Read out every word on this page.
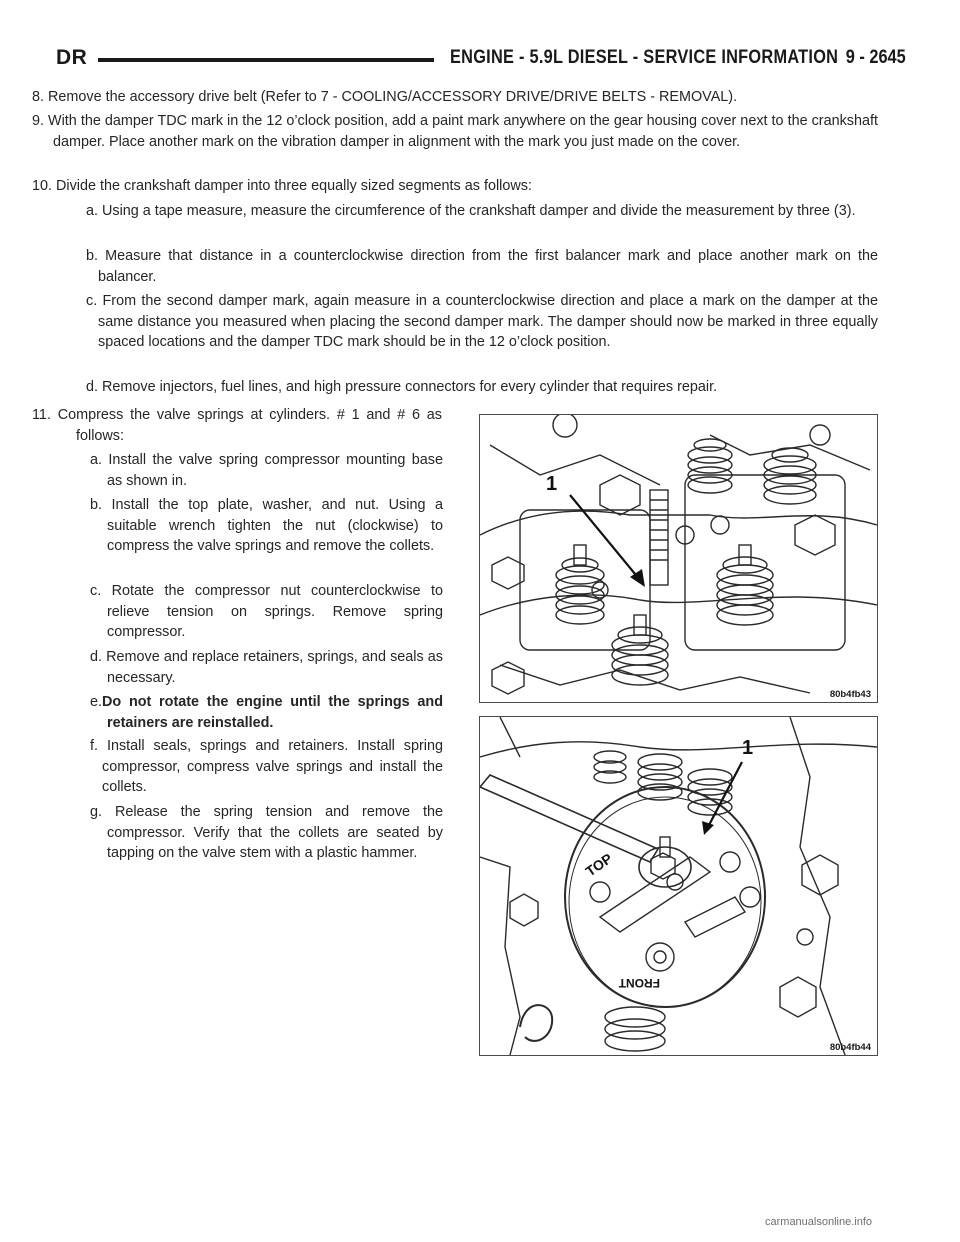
DR	ENGINE - 5.9L DIESEL - SERVICE INFORMATION 9 - 2645
8. Remove the accessory drive belt (Refer to 7 - COOLING/ACCESSORY DRIVE/DRIVE BELTS - REMOVAL).
9. With the damper TDC mark in the 12 o’clock position, add a paint mark anywhere on the gear housing cover next to the crankshaft damper. Place another mark on the vibration damper in alignment with the mark you just made on the cover.
10. Divide the crankshaft damper into three equally sized segments as follows:
a. Using a tape measure, measure the circumference of the crankshaft damper and divide the measurement by three (3).
b. Measure that distance in a counterclockwise direction from the first balancer mark and place another mark on the balancer.
c. From the second damper mark, again measure in a counterclockwise direction and place a mark on the damper at the same distance you measured when placing the second damper mark. The damper should now be marked in three equally spaced locations and the damper TDC mark should be in the 12 o’clock position.
d. Remove injectors, fuel lines, and high pressure connectors for every cylinder that requires repair.
11. Compress the valve springs at cylinders. # 1 and # 6 as follows:
a. Install the valve spring compressor mounting base as shown in.
b. Install the top plate, washer, and nut. Using a suitable wrench tighten the nut (clockwise) to compress the valve springs and remove the collets.
c. Rotate the compressor nut counterclockwise to relieve tension on springs. Remove spring compressor.
d. Remove and replace retainers, springs, and seals as necessary.
e.Do not rotate the engine until the springs and retainers are reinstalled.
f. Install seals, springs and retainers. Install spring compressor, compress valve springs and install the collets.
g. Release the spring tension and remove the compressor. Verify that the collets are seated by tapping on the valve stem with a plastic hammer.
1
80b4fb43
TOP
FRONT
1
80b4fb44
carmanualsonline.info
